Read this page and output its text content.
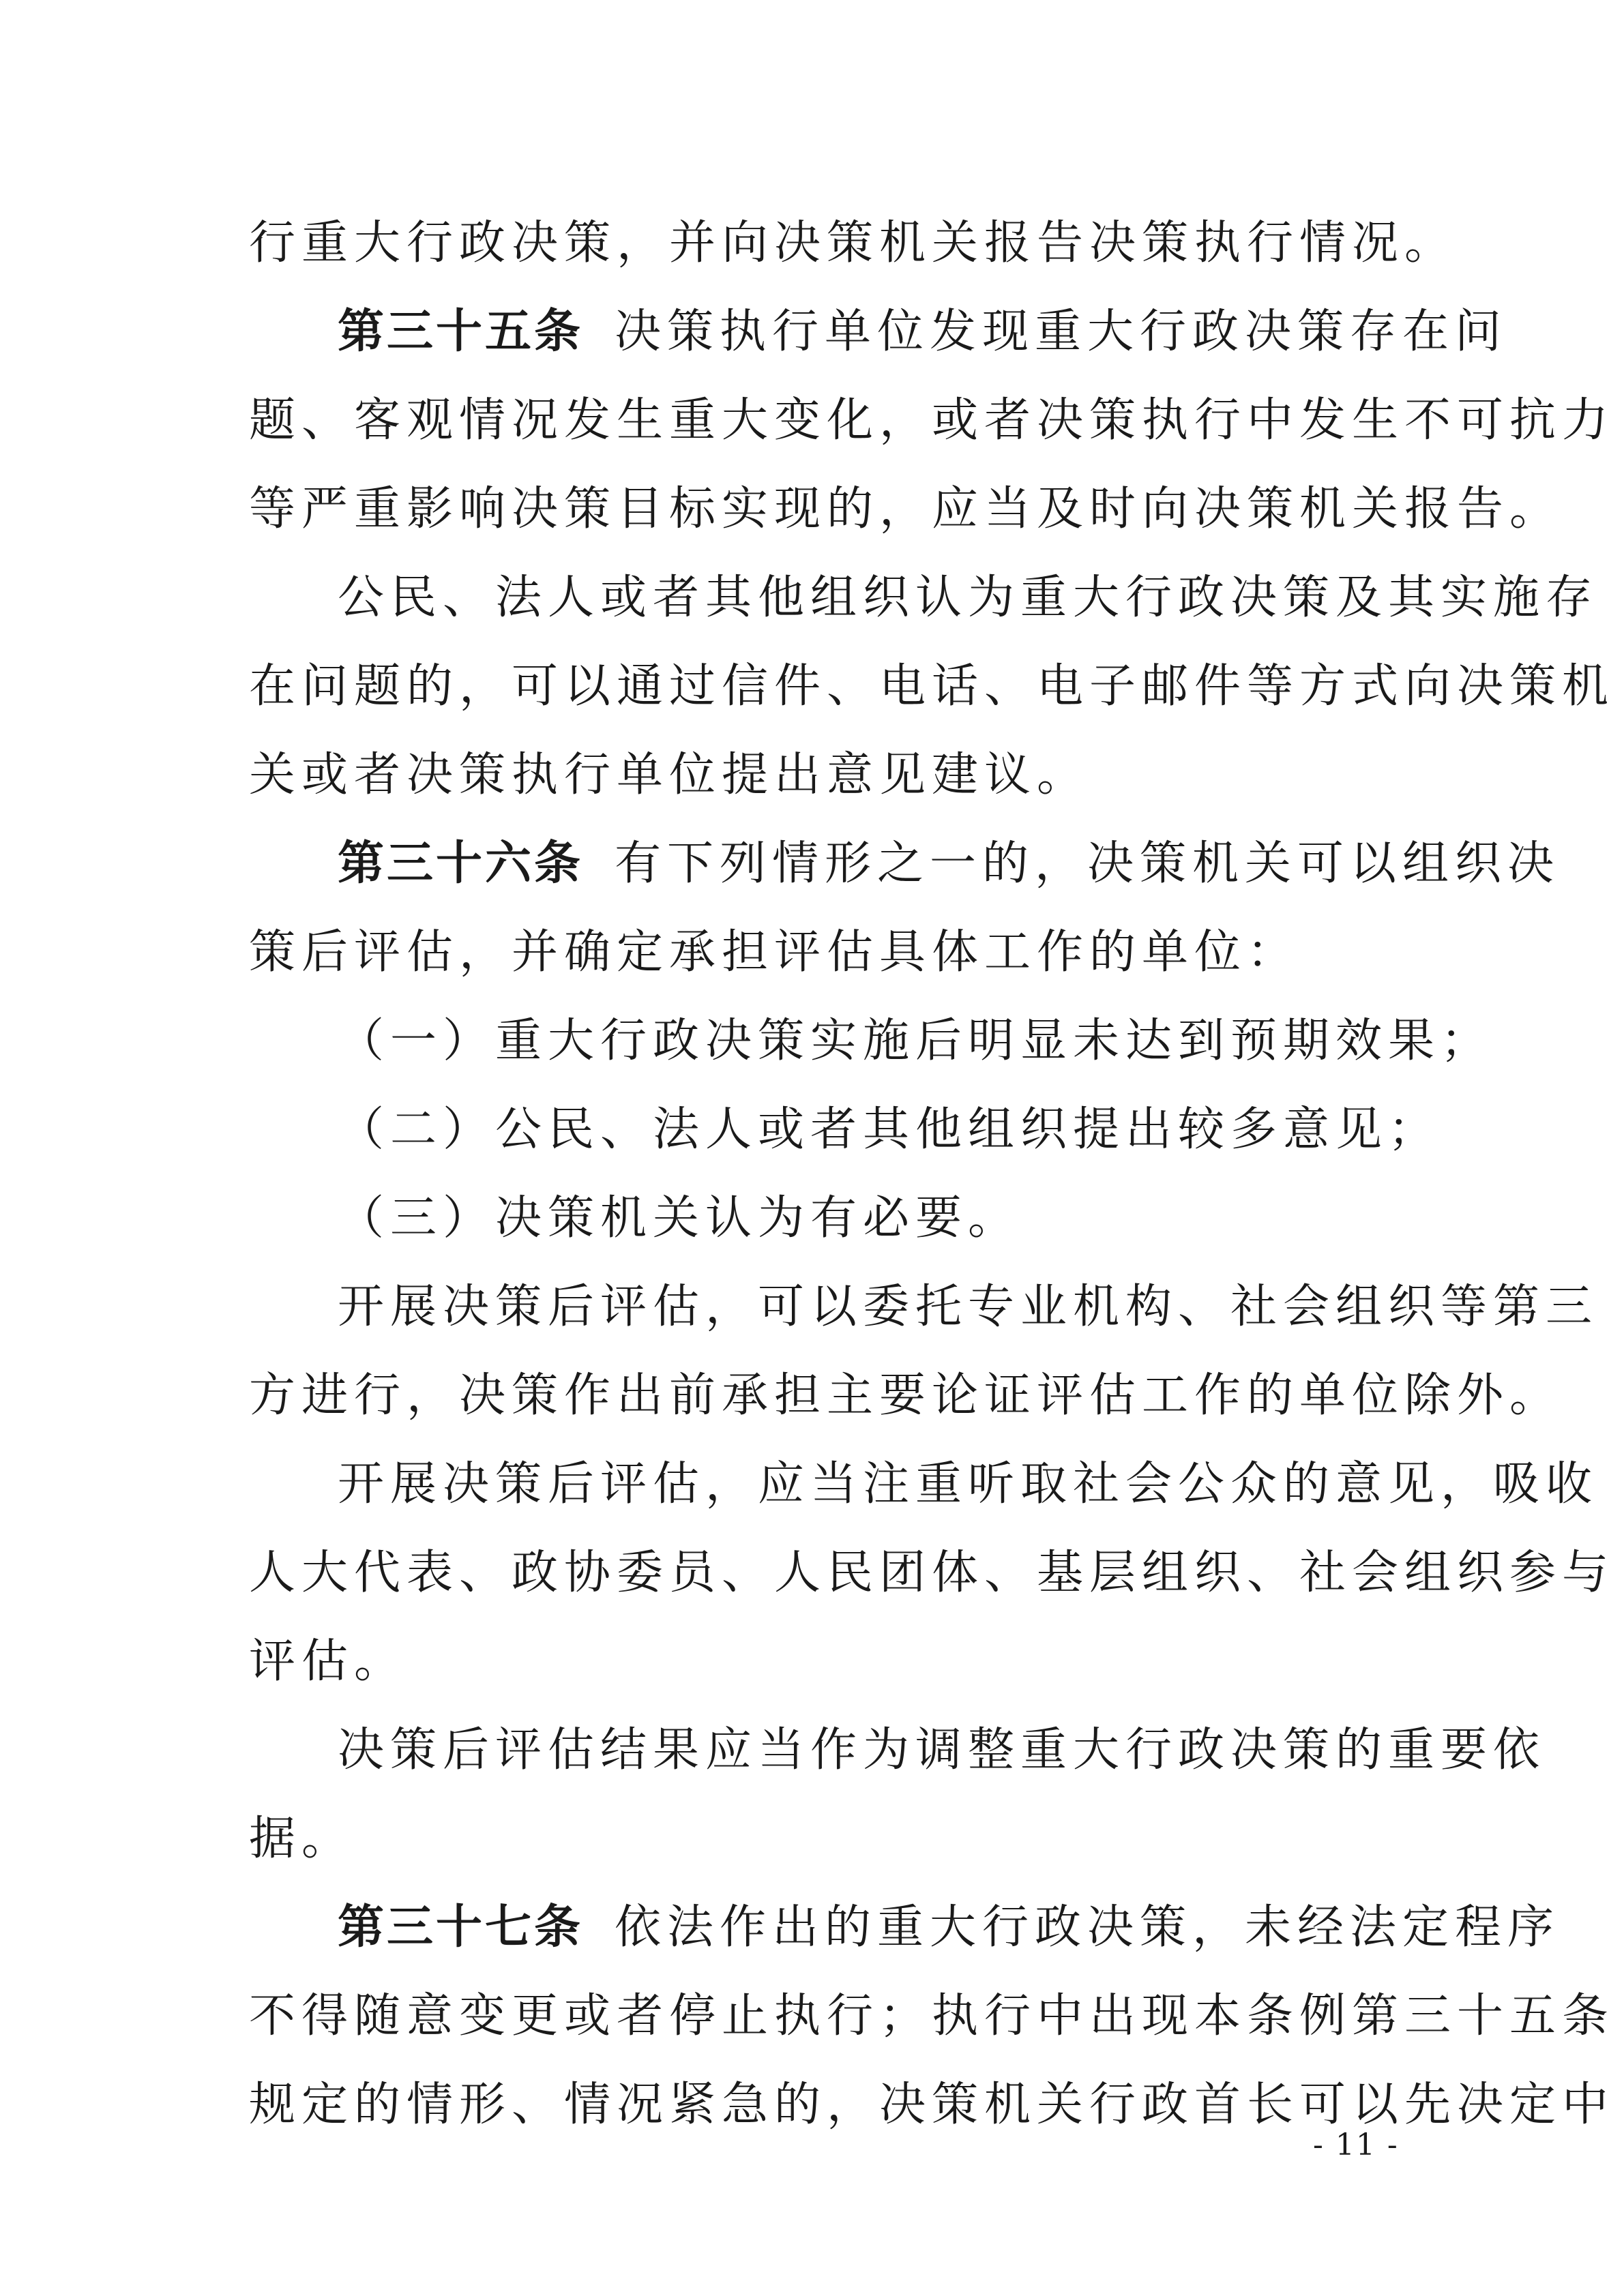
行重大行政决策，并向决策机关报告决策执行情况。
第三十五条 决策执行单位发现重大行政决策存在问
题、客观情况发生重大变化，或者决策执行中发生不可抗力
等严重影响决策目标实现的，应当及时向决策机关报告。
公民、法人或者其他组织认为重大行政决策及其实施存
在问题的，可以通过信件、电话、电子邮件等方式向决策机
关或者决策执行单位提出意见建议。
第三十六条 有下列情形之一的，决策机关可以组织决
策后评估，并确定承担评估具体工作的单位：
（一）重大行政决策实施后明显未达到预期效果；
（二）公民、法人或者其他组织提出较多意见；
（三）决策机关认为有必要。
开展决策后评估，可以委托专业机构、社会组织等第三
方进行，决策作出前承担主要论证评估工作的单位除外。
开展决策后评估，应当注重听取社会公众的意见，吸收
人大代表、政协委员、人民团体、基层组织、社会组织参与
评估。
决策后评估结果应当作为调整重大行政决策的重要依
据。
第三十七条 依法作出的重大行政决策，未经法定程序
不得随意变更或者停止执行；执行中出现本条例第三十五条
规定的情形、情况紧急的，决策机关行政首长可以先决定中
- 11 -
